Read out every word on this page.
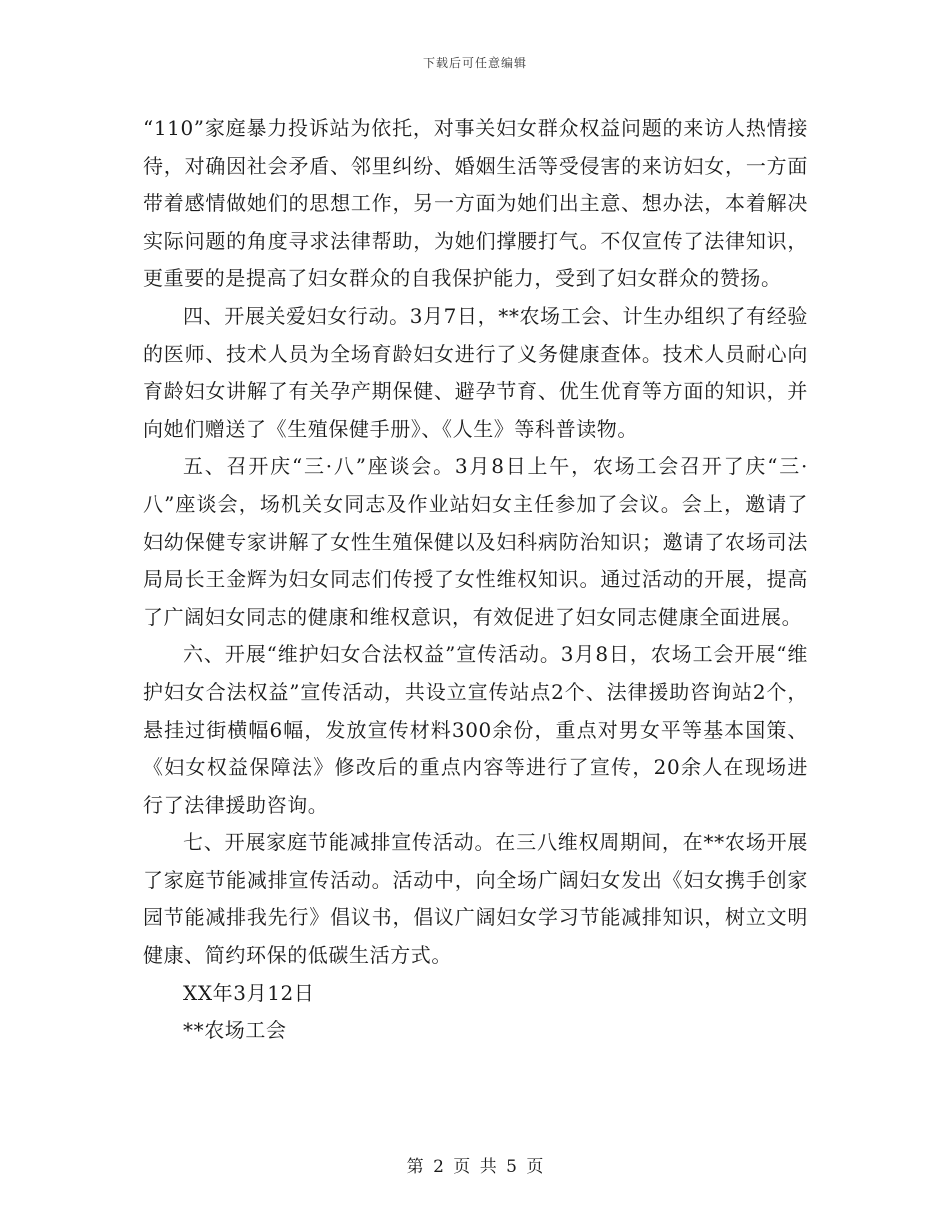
下载后可任意编辑

“110”家庭暴力投诉站为依托，对事关妇女群众权益问题的来访人热情接待，对确因社会矛盾、邻里纠纷、婚姻生活等受侵害的来访妇女，一方面带着感情做她们的思想工作，另一方面为她们出主意、想办法，本着解决实际问题的角度寻求法律帮助，为她们撑腰打气。不仅宣传了法律知识，更重要的是提高了妇女群众的自我保护能力，受到了妇女群众的赞扬。

四、开展关爱妇女行动。3月7日，**农场工会、计生办组织了有经验的医师、技术人员为全场育龄妇女进行了义务健康查体。技术人员耐心向育龄妇女讲解了有关孕产期保健、避孕节育、优生优育等方面的知识，并向她们赠送了《生殖保健手册》、《人生》等科普读物。

五、召开庆“三·八”座谈会。3月8日上午，农场工会召开了庆“三·八”座谈会，场机关女同志及作业站妇女主任参加了会议。会上，邀请了妇幼保健专家讲解了女性生殖保健以及妇科病防治知识；邀请了农场司法局局长王金辉为妇女同志们传授了女性维权知识。通过活动的开展，提高了广阔妇女同志的健康和维权意识，有效促进了妇女同志健康全面进展。

六、开展“维护妇女合法权益”宣传活动。3月8日，农场工会开展“维护妇女合法权益”宣传活动，共设立宣传站点2个、法律援助咨询站2个，悬挂过街横幅6幅，发放宣传材料300余份，重点对男女平等基本国策、《妇女权益保障法》修改后的重点内容等进行了宣传，20余人在现场进行了法律援助咨询。

七、开展家庭节能减排宣传活动。在三八维权周期间，在**农场开展了家庭节能减排宣传活动。活动中，向全场广阔妇女发出《妇女携手创家园节能减排我先行》倡议书，倡议广阔妇女学习节能减排知识，树立文明健康、简约环保的低碳生活方式。

XX年3月12日

**农场工会

第 2 页 共 5 页
